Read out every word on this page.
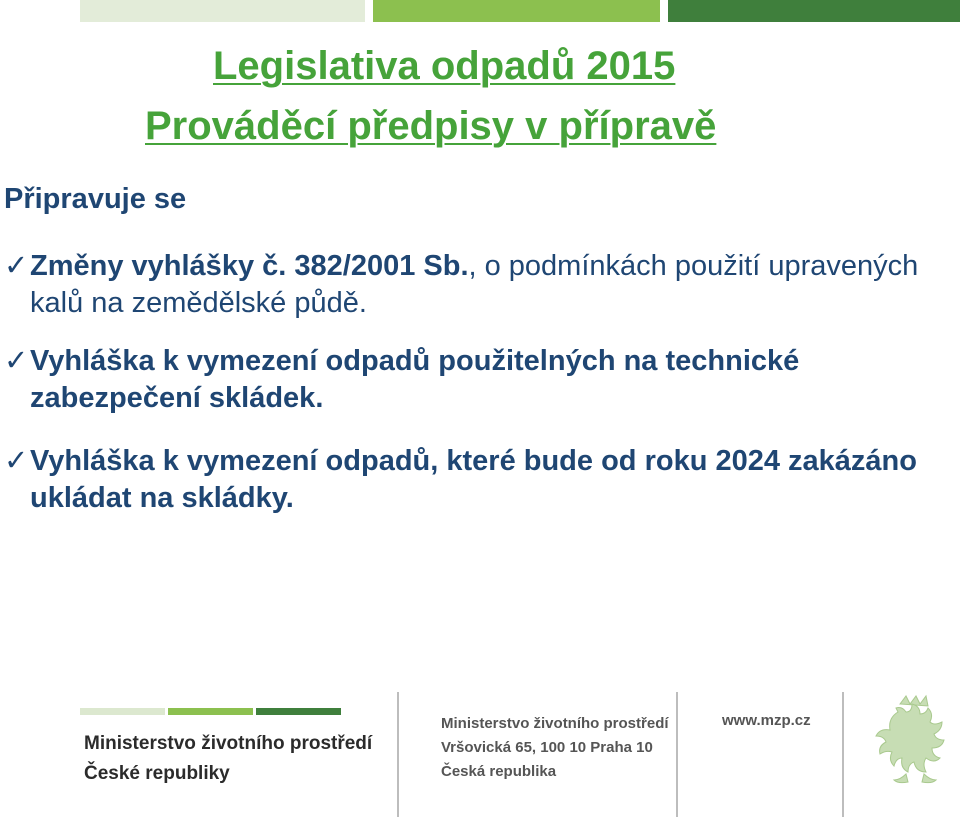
Legislativa odpadů 2015
Prováděcí předpisy v přípravě
Připravuje se
✓ Změny vyhlášky č. 382/2001 Sb., o podmínkách použití upravených kalů na zemědělské půdě.
✓ Vyhláška k vymezení odpadů použitelných na technické zabezpečení skládek.
✓ Vyhláška k vymezení odpadů, které bude od roku 2024 zakázáno ukládat na skládky.
Ministerstvo životního prostředí
České republiky
Ministerstvo životního prostředí
Vršovická 65, 100 10 Praha 10
Česká republika
www.mzp.cz
